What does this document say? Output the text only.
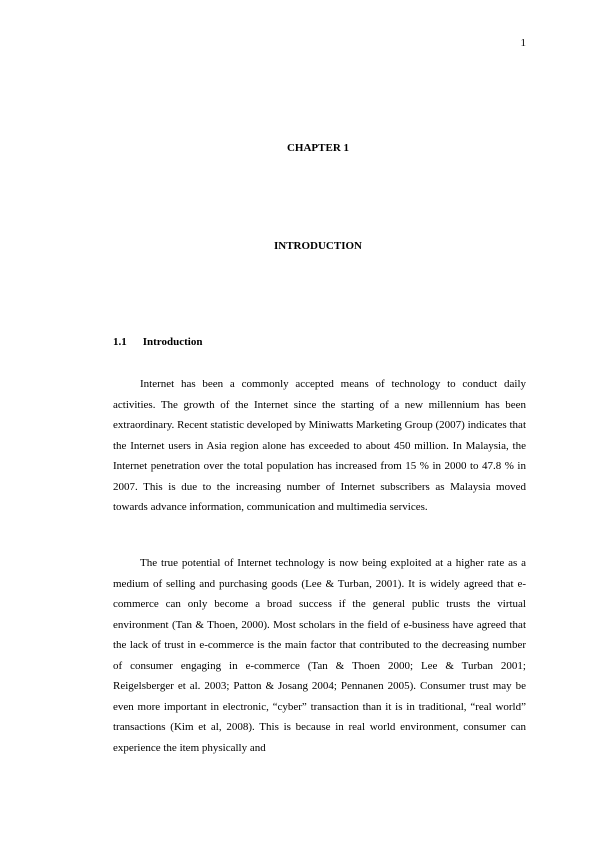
1
CHAPTER 1
INTRODUCTION
1.1 Introduction

Internet has been a commonly accepted means of technology to conduct daily activities. The growth of the Internet since the starting of a new millennium has been extraordinary. Recent statistic developed by Miniwatts Marketing Group (2007) indicates that the Internet users in Asia region alone has exceeded to about 450 million. In Malaysia, the Internet penetration over the total population has increased from 15 % in 2000 to 47.8 % in 2007. This is due to the increasing number of Internet subscribers as Malaysia moved towards advance information, communication and multimedia services.

The true potential of Internet technology is now being exploited at a higher rate as a medium of selling and purchasing goods (Lee & Turban, 2001). It is widely agreed that e-commerce can only become a broad success if the general public trusts the virtual environment (Tan & Thoen, 2000). Most scholars in the field of e-business have agreed that the lack of trust in e-commerce is the main factor that contributed to the decreasing number of consumer engaging in e-commerce (Tan & Thoen 2000; Lee & Turban 2001; Reigelsberger et al. 2003; Patton & Josang 2004; Pennanen 2005). Consumer trust may be even more important in electronic, “cyber” transaction than it is in traditional, “real world” transactions (Kim et al, 2008). This is because in real world environment, consumer can experience the item physically and
